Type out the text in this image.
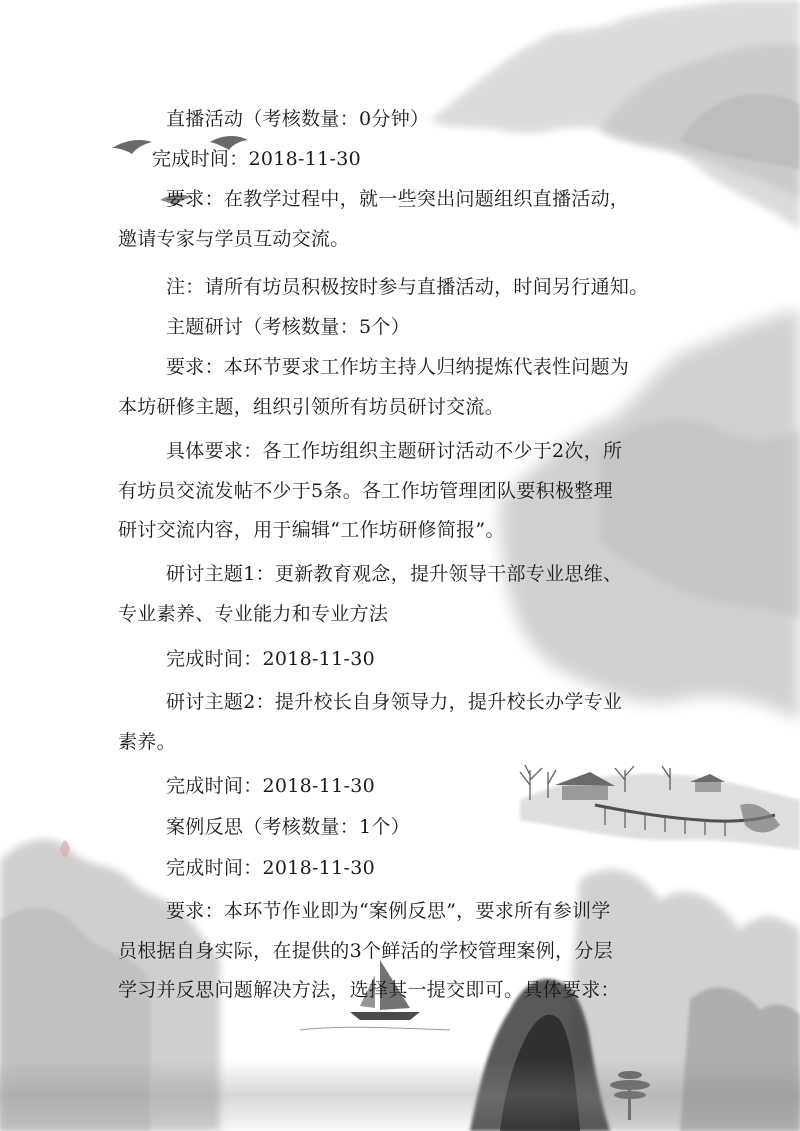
直播活动（考核数量：0分钟）
完成时间：2018-11-30
要求：在教学过程中，就一些突出问题组织直播活动，
邀请专家与学员互动交流。
注：请所有坊员积极按时参与直播活动，时间另行通知。
主题研讨（考核数量：5个）
要求：本环节要求工作坊主持人归纳提炼代表性问题为
本坊研修主题，组织引领所有坊员研讨交流。
具体要求：各工作坊组织主题研讨活动不少于2次，所
有坊员交流发帖不少于5条。各工作坊管理团队要积极整理
研讨交流内容，用于编辑“工作坊研修简报”。
研讨主题1：更新教育观念，提升领导干部专业思维、
专业素养、专业能力和专业方法
完成时间：2018-11-30
研讨主题2：提升校长自身领导力，提升校长办学专业
素养。
完成时间：2018-11-30
案例反思（考核数量：1个）
完成时间：2018-11-30
要求：本环节作业即为“案例反思”，要求所有参训学
员根据自身实际，在提供的3个鲜活的学校管理案例，分层
学习并反思问题解决方法，选择其一提交即可。具体要求：
